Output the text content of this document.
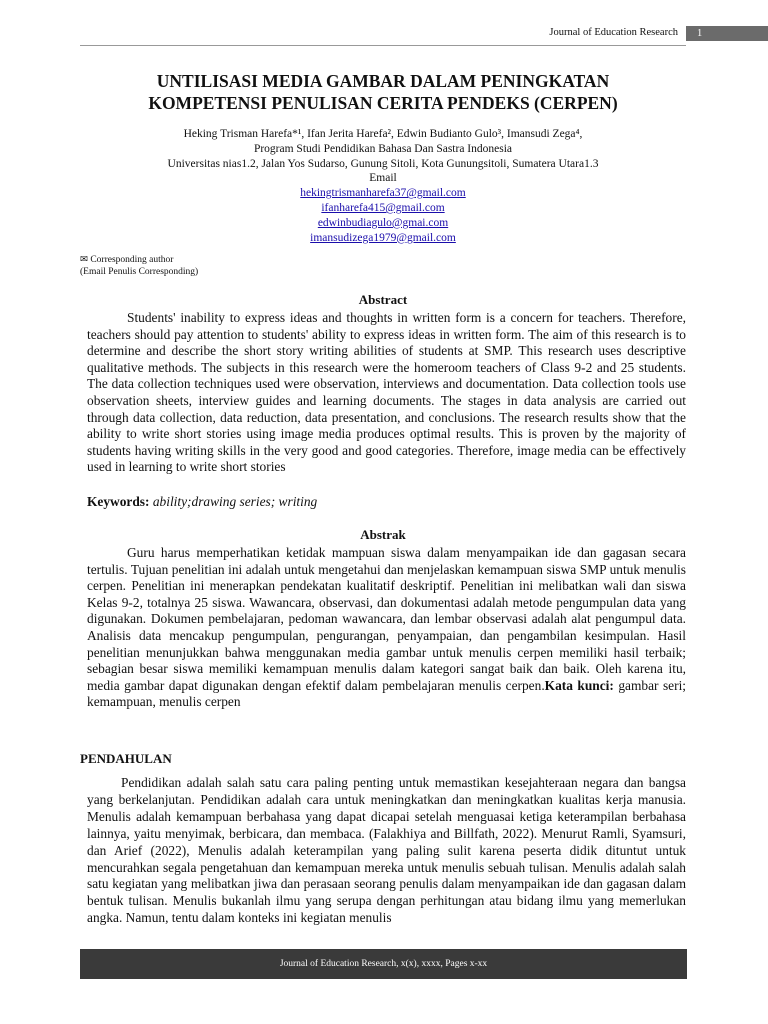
Journal of Education Research	1
UNTILISASI MEDIA GAMBAR DALAM PENINGKATAN
KOMPETENSI PENULISAN CERITA PENDEKS (CERPEN)
Heking Trisman Harefa*¹, Ifan Jerita Harefa², Edwin Budianto Gulo³, Imansudi Zega⁴,
Program Studi Pendidikan Bahasa Dan Sastra Indonesia
Universitas nias1.2, Jalan Yos Sudarso, Gunung Sitoli, Kota Gunungsitoli, Sumatera Utara1.3
Email
hekingtrismanharefa37@gmail.com
ifanharefa415@gmail.com
edwinbudiagulo@gmai.com
imansudizega1979@gmail.com
✉ Corresponding author
(Email Penulis Corresponding)
Abstract
Students' inability to express ideas and thoughts in written form is a concern for teachers. Therefore, teachers should pay attention to students' ability to express ideas in written form. The aim of this research is to determine and describe the short story writing abilities of students at SMP. This research uses descriptive qualitative methods. The subjects in this research were the homeroom teachers of Class 9-2 and 25 students. The data collection techniques used were observation, interviews and documentation. Data collection tools use observation sheets, interview guides and learning documents. The stages in data analysis are carried out through data collection, data reduction, data presentation, and conclusions. The research results show that the ability to write short stories using image media produces optimal results. This is proven by the majority of students having writing skills in the very good and good categories. Therefore, image media can be effectively used in learning to write short stories
Keywords: ability;drawing series; writing
Abstrak
Guru harus memperhatikan ketidak mampuan siswa dalam menyampaikan ide dan gagasan secara tertulis. Tujuan penelitian ini adalah untuk mengetahui dan menjelaskan kemampuan siswa SMP untuk menulis cerpen. Penelitian ini menerapkan pendekatan kualitatif deskriptif. Penelitian ini melibatkan wali dan siswa Kelas 9-2, totalnya 25 siswa. Wawancara, observasi, dan dokumentasi adalah metode pengumpulan data yang digunakan. Dokumen pembelajaran, pedoman wawancara, dan lembar observasi adalah alat pengumpul data. Analisis data mencakup pengumpulan, pengurangan, penyampaian, dan pengambilan kesimpulan. Hasil penelitian menunjukkan bahwa menggunakan media gambar untuk menulis cerpen memiliki hasil terbaik; sebagian besar siswa memiliki kemampuan menulis dalam kategori sangat baik dan baik. Oleh karena itu, media gambar dapat digunakan dengan efektif dalam pembelajaran menulis cerpen.Kata kunci: gambar seri; kemampuan, menulis cerpen
PENDAHULAN
Pendidikan adalah salah satu cara paling penting untuk memastikan kesejahteraan negara dan bangsa yang berkelanjutan. Pendidikan adalah cara untuk meningkatkan dan meningkatkan kualitas kerja manusia. Menulis adalah kemampuan berbahasa yang dapat dicapai setelah menguasai ketiga keterampilan berbahasa lainnya, yaitu menyimak, berbicara, dan membaca. (Falakhiya and Billfath, 2022). Menurut Ramli, Syamsuri, dan Arief (2022), Menulis adalah keterampilan yang paling sulit karena peserta didik dituntut untuk mencurahkan segala pengetahuan dan kemampuan mereka untuk menulis sebuah tulisan. Menulis adalah salah satu kegiatan yang melibatkan jiwa dan perasaan seorang penulis dalam menyampaikan ide dan gagasan dalam bentuk tulisan. Menulis bukanlah ilmu yang serupa dengan perhitungan atau bidang ilmu yang memerlukan angka. Namun, tentu dalam konteks ini kegiatan menulis
Journal of Education Research, x(x), xxxx, Pages x-xx
